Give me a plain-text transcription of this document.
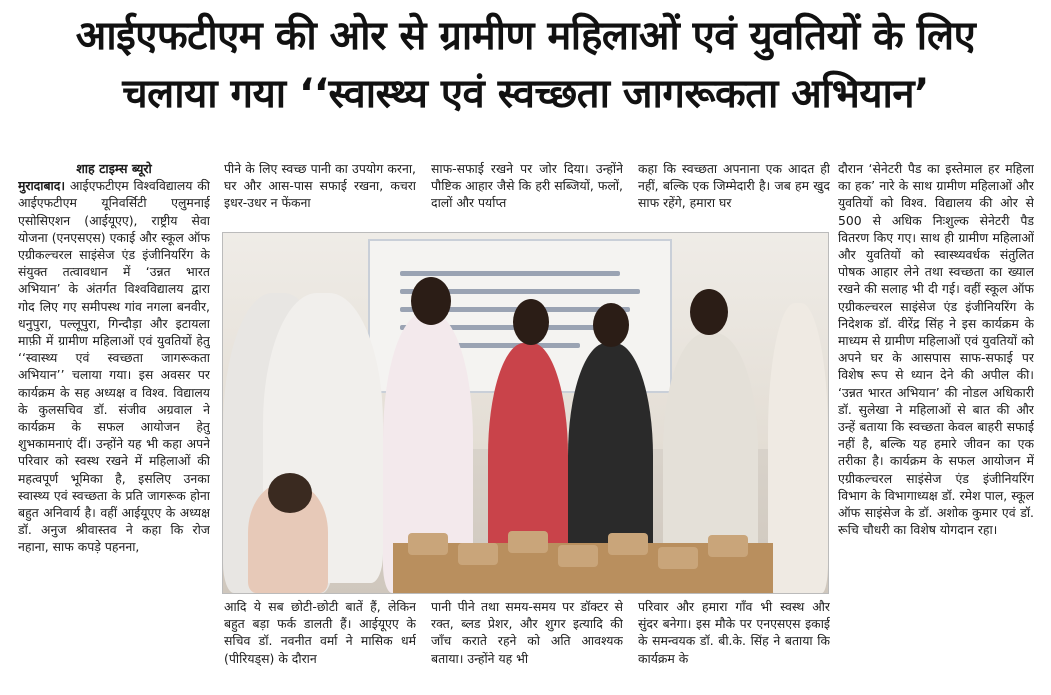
आईएफटीएम की ओर से ग्रामीण महिलाओं एवं युवतियों के लिए
चलाया गया ‘‘स्वास्थ्य एवं स्वच्छता जागरूकता अभियान’
शाह टाइम्स ब्यूरो
मुरादाबाद। आईएफटीएम विश्वविद्यालय की आईएफटीएम यूनिवर्सिटी एलुमनाई एसोसिएशन (आईयूएए), राष्ट्रीय सेवा योजना (एनएसएस) एकाई और स्कूल ऑफ एग्रीकल्चरल साइंसेज एंड इंजीनियरिंग के संयुक्त तत्वावधान में ‘उन्नत भारत अभियान’ के अंतर्गत विश्वविद्यालय द्वारा गोद लिए गए समीपस्थ गांव नगला बनवीर, धनुपुरा, पल्लूपुरा, गिन्दौड़ा और इटायला माफ़ी में ग्रामीण महिलाओं एवं युवतियों हेतु ‘‘स्वास्थ्य एवं स्वच्छता जागरूकता अभियान’’ चलाया गया। इस अवसर पर कार्यक्रम के सह अध्यक्ष व विश्व. विद्यालय के कुलसचिव डॉ. संजीव अग्रवाल ने कार्यक्रम के सफल आयोजन हेतु शुभकामनाएं दीं। उन्होंने यह भी कहा अपने परिवार को स्वस्थ रखने में महिलाओं की महत्वपूर्ण भूमिका है, इसलिए उनका स्वास्थ्य एवं स्वच्छता के प्रति जागरूक होना बहुत अनिवार्य है। वहीं आईयूएए के अध्यक्ष डॉ. अनुज श्रीवास्तव ने कहा कि रोज नहाना, साफ कपड़े पहनना,
पीने के लिए स्वच्छ पानी का उपयोग करना, घर और आस-पास सफाई रखना, कचरा इधर-उधर न फेंकना
साफ-सफाई रखने पर जोर दिया। उन्होंने पौष्टिक आहार जैसे कि हरी सब्जियों, फलों, दालों और पर्याप्त
कहा कि स्वच्छता अपनाना एक आदत ही नहीं, बल्कि एक जिम्मेदारी है। जब हम खुद साफ रहेंगे, हमारा घर
दौरान ‘सेनेटरी पैड का इस्तेमाल हर महिला का हक’ नारे के साथ ग्रामीण महिलाओं और युवतियों को विश्व. विद्यालय की ओर से 500 से अधिक निःशुल्क सेनेटरी पैड वितरण किए गए। साथ ही ग्रामीण महिलाओं और युवतियों को स्वास्थ्यवर्धक संतुलित पोषक आहार लेने तथा स्वच्छता का ख्याल रखने की सलाह भी दी गई। वहीं स्कूल ऑफ एग्रीकल्चरल साइंसेज एंड इंजीनियरिंग के निदेशक डॉ. वीरेंद्र सिंह ने इस कार्यक्रम के माध्यम से ग्रामीण महिलाओं एवं युवतियों को अपने घर के आसपास साफ-सफाई पर विशेष रूप से ध्यान देने की अपील की। ‘उन्नत भारत अभियान’ की नोडल अधिकारी डॉ. सुलेखा ने महिलाओं से बात की और उन्हें बताया कि स्वच्छता केवल बाहरी सफाई नहीं है, बल्कि यह हमारे जीवन का एक तरीका है। कार्यक्रम के सफल आयोजन में एग्रीकल्चरल साइंसेज एंड इंजीनियरिंग विभाग के विभागाध्यक्ष डॉ. रमेश पाल, स्कूल ऑफ साइंसेज के डॉ. अशोक कुमार एवं डॉ. रूचि चौधरी का विशेष योगदान रहा।
आदि ये सब छोटी-छोटी बातें हैं, लेकिन बहुत बड़ा फर्क डालती हैं। आईयूएए के सचिव डॉ. नवनीत वर्मा ने मासिक धर्म (पीरियड्स) के दौरान
पानी पीने तथा समय-समय पर डॉक्टर से रक्त, ब्लड प्रेशर, और शुगर इत्यादि की जाँच कराते रहने को अति आवश्यक बताया। उन्होंने यह भी
परिवार और हमारा गाँव भी स्वस्थ और सुंदर बनेगा। इस मौके पर एनएसएस इकाई के समन्वयक डॉ. बी.के. सिंह ने बताया कि कार्यक्रम के
